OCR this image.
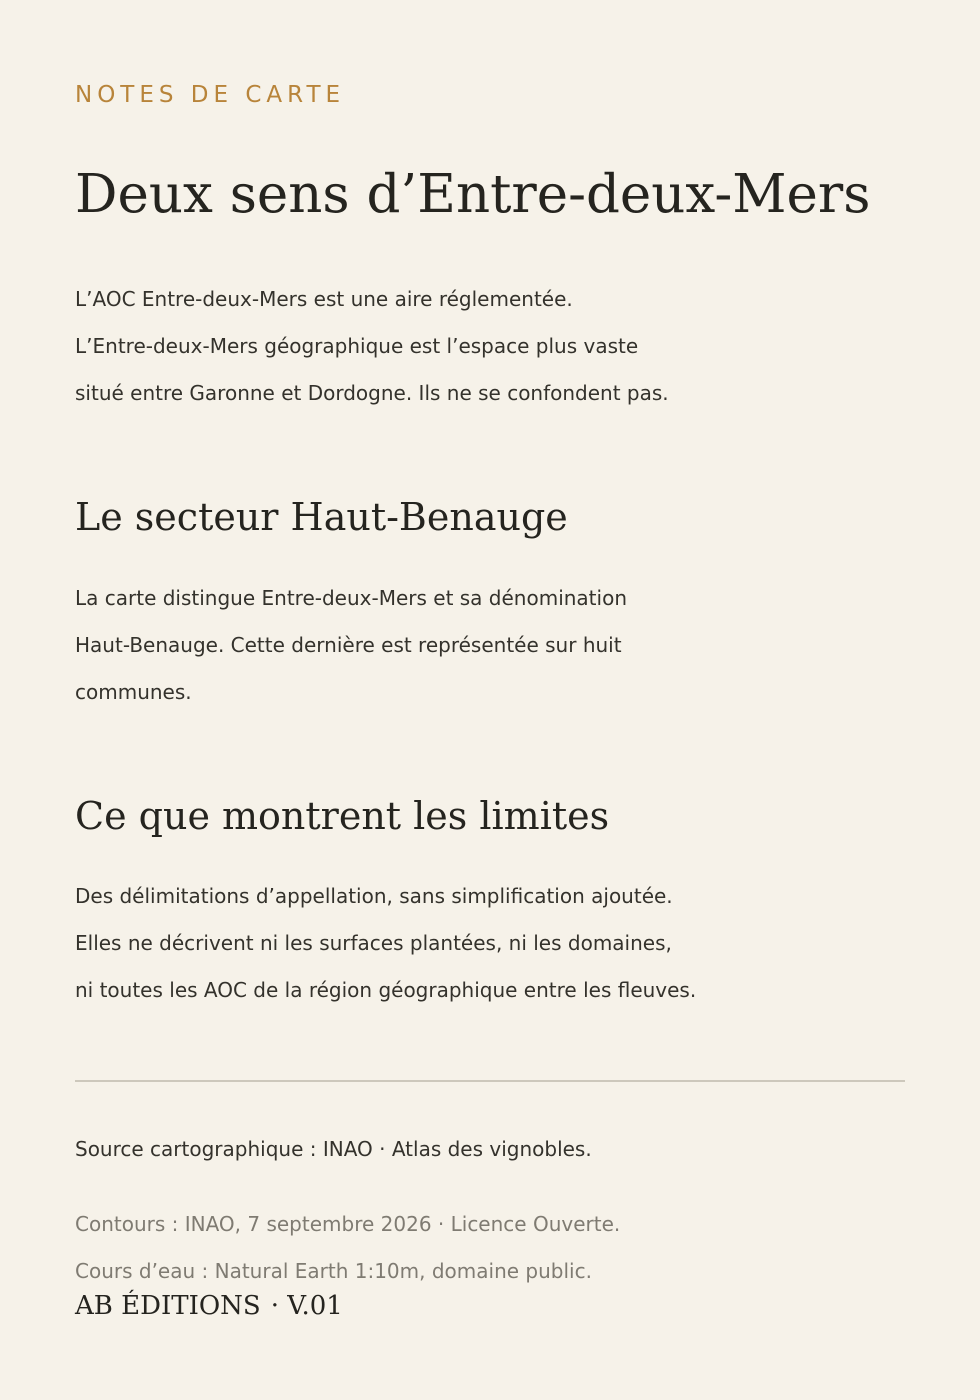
NOTES DE CARTE
Deux sens d’Entre-deux-Mers

L’AOC Entre-deux-Mers est une aire réglementée.
L’Entre-deux-Mers géographique est l’espace plus vaste
situé entre Garonne et Dordogne. Ils ne se confondent pas.

Le secteur Haut-Benauge

La carte distingue Entre-deux-Mers et sa dénomination
Haut-Benauge. Cette dernière est représentée sur huit
communes.

Ce que montrent les limites

Des délimitations d’appellation, sans simplification ajoutée.
Elles ne décrivent ni les surfaces plantées, ni les domaines,
ni toutes les AOC de la région géographique entre les fleuves.

Source cartographique : INAO · Atlas des vignobles.
Contours : INAO, 7 septembre 2026 · Licence Ouverte.
Cours d’eau : Natural Earth 1:10m, domaine public.
AB ÉDITIONS · V.01
